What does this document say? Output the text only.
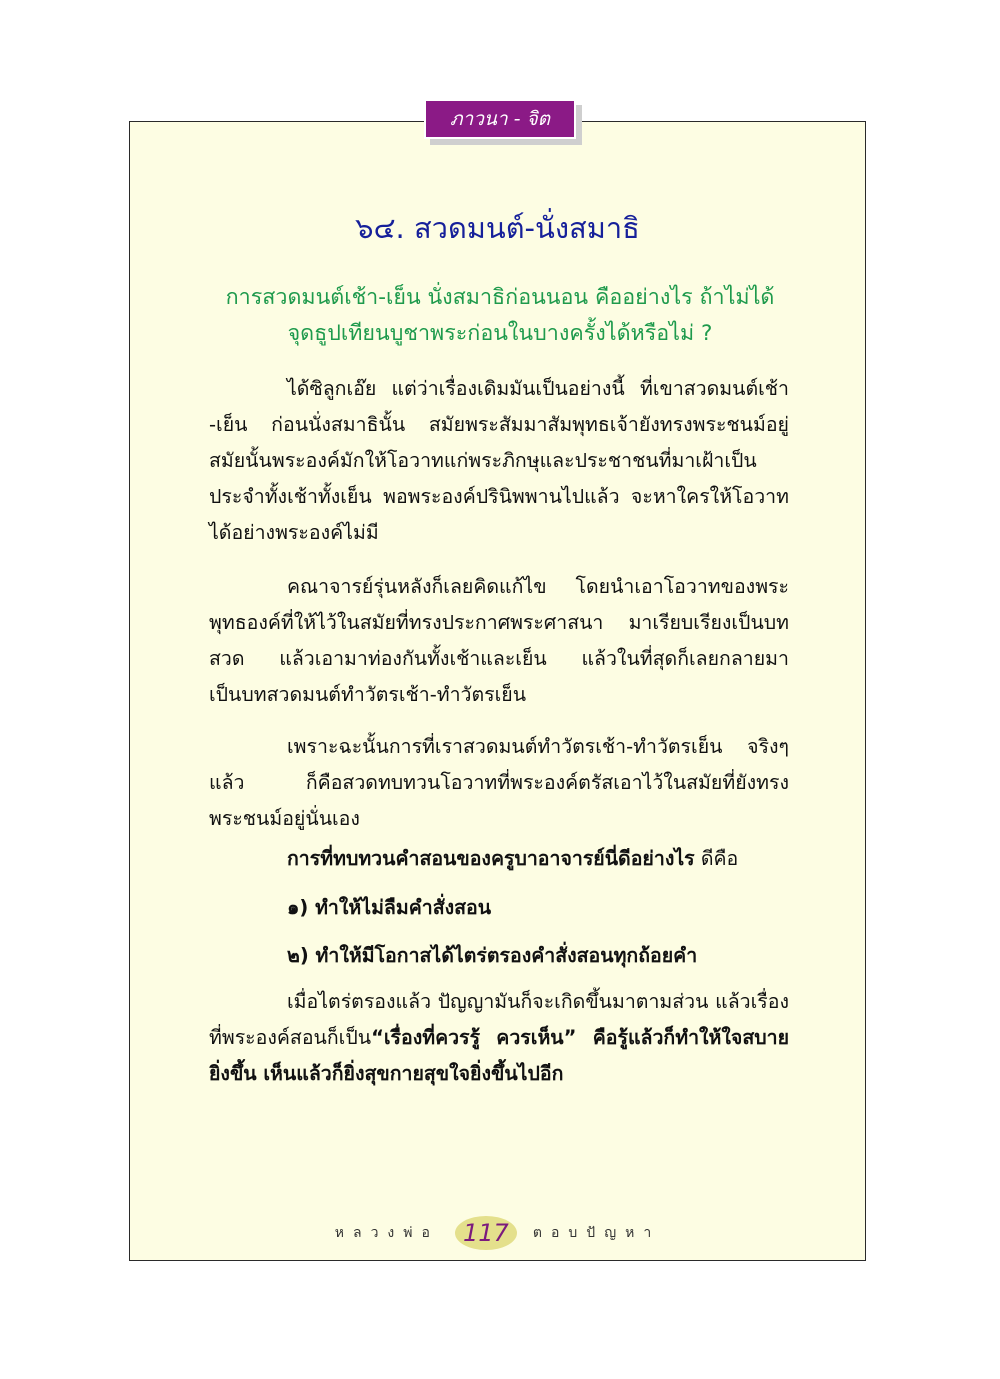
ภาวนา - จิต
๖๔. สวดมนต์-นั่งสมาธิ
การสวดมนต์เช้า-เย็น นั่งสมาธิก่อนนอน คืออย่างไร ถ้าไม่ได้
จุดธูปเทียนบูชาพระก่อนในบางครั้งได้หรือไม่ ?
ได้ซิลูกเอ๊ย แต่ว่าเรื่องเดิมมันเป็นอย่างนี้ ที่เขาสวดมนต์เช้า
-เย็น ก่อนนั่งสมาธินั้น สมัยพระสัมมาสัมพุทธเจ้ายังทรงพระชนม์อยู่
สมัยนั้นพระองค์มักให้โอวาทแก่พระภิกษุและประชาชนที่มาเฝ้าเป็น
ประจำทั้งเช้าทั้งเย็น พอพระองค์ปรินิพพานไปแล้ว จะหาใครให้โอวาท
ได้อย่างพระองค์ไม่มี
คณาจารย์รุ่นหลังก็เลยคิดแก้ไข โดยนำเอาโอวาทของพระ
พุทธองค์ที่ให้ไว้ในสมัยที่ทรงประกาศพระศาสนา มาเรียบเรียงเป็นบท
สวด แล้วเอามาท่องกันทั้งเช้าและเย็น แล้วในที่สุดก็เลยกลายมา
เป็นบทสวดมนต์ทำวัตรเช้า-ทำวัตรเย็น
เพราะฉะนั้นการที่เราสวดมนต์ทำวัตรเช้า-ทำวัตรเย็น จริงๆ
แล้ว ก็คือสวดทบทวนโอวาทที่พระองค์ตรัสเอาไว้ในสมัยที่ยังทรง
พระชนม์อยู่นั่นเอง
การที่ทบทวนคำสอนของครูบาอาจารย์นี่ดีอย่างไร ดีคือ
๑) ทำให้ไม่ลืมคำสั่งสอน
๒) ทำให้มีโอกาสได้ไตร่ตรองคำสั่งสอนทุกถ้อยคำ
เมื่อไตร่ตรองแล้ว ปัญญามันก็จะเกิดขึ้นมาตามส่วน แล้วเรื่อง
ที่พระองค์สอนก็เป็น“เรื่องที่ควรรู้ ควรเห็น” คือรู้แล้วก็ทำให้ใจสบาย
ยิ่งขึ้น เห็นแล้วก็ยิ่งสุขกายสุขใจยิ่งขึ้นไปอีก
หลวงพ่อ	117	ตอบปัญหา
